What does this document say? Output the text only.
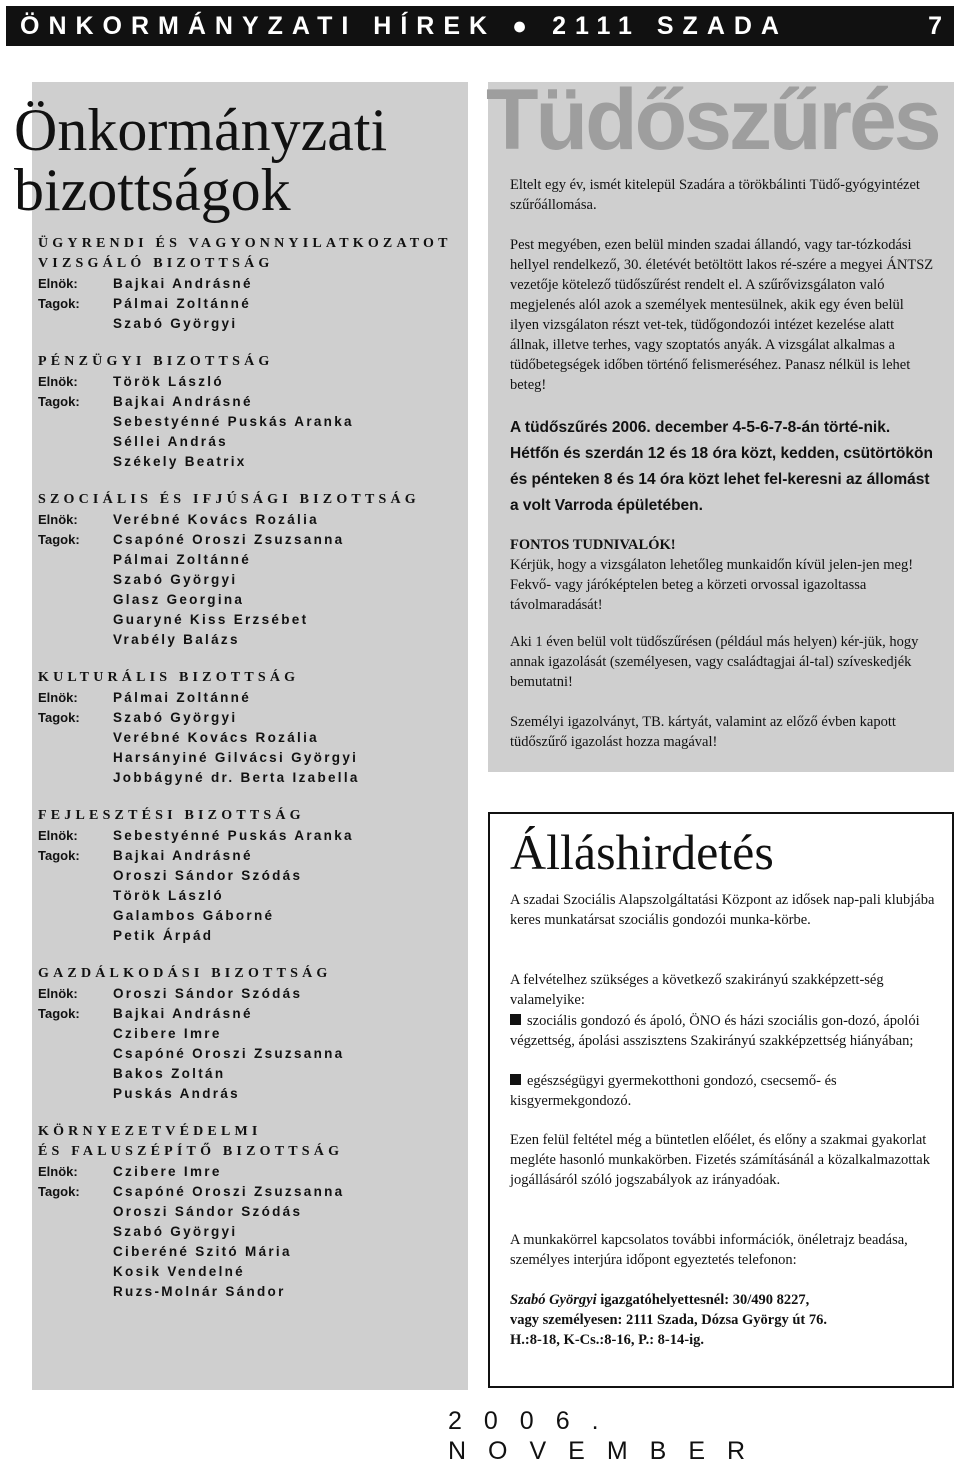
ÖNKORMÁNYZATI HÍREK ● 2111 SZADA	7
Önkormányzati
bizottságok
ÜGYRENDI ÉS VAGYONNYILATKOZATOT
VIZSGÁLÓ BIZOTTSÁG
Elnök:	Bajkai Andrásné
Tagok:	Pálmai Zoltánné
Szabó Györgyi
PÉNZÜGYI BIZOTTSÁG
Elnök:	Török László
Tagok:	Bajkai Andrásné
Sebestyénné Puskás Aranka
Séllei András
Székely Beatrix
SZOCIÁLIS ÉS IFJÚSÁGI BIZOTTSÁG
Elnök:	Verébné Kovács Rozália
Tagok:	Csapóné Oroszi Zsuzsanna
Pálmai Zoltánné
Szabó Györgyi
Glasz Georgina
Guaryné Kiss Erzsébet
Vrabély Balázs
KULTURÁLIS BIZOTTSÁG
Elnök:	Pálmai Zoltánné
Tagok:	Szabó Györgyi
Verébné Kovács Rozália
Harsányiné Gilvácsi Györgyi
Jobbágyné dr. Berta Izabella
FEJLESZTÉSI BIZOTTSÁG
Elnök:	Sebestyénné Puskás Aranka
Tagok:	Bajkai Andrásné
Oroszi Sándor Szódás
Török László
Galambos Gáborné
Petik Árpád
GAZDÁLKODÁSI BIZOTTSÁG
Elnök:	Oroszi Sándor Szódás
Tagok:	Bajkai Andrásné
Czibere Imre
Csapóné Oroszi Zsuzsanna
Bakos Zoltán
Puskás András
KÖRNYEZETVÉDELMI
ÉS FALUSZÉPÍTŐ BIZOTTSÁG
Elnök:	Czibere Imre
Tagok:	Csapóné Oroszi Zsuzsanna
Oroszi Sándor Szódás
Szabó Györgyi
Ciberéné Szitó Mária
Kosik Vendelné
Ruzs-Molnár Sándor
Tüdőszűrés

Eltelt egy év, ismét kitelepül Szadára a törökbálinti Tüdő-gyógyintézet szűrőállomása.

Pest megyében, ezen belül minden szadai állandó, vagy tar-tózkodási hellyel rendelkező, 30. életévét betöltött lakos ré-szére a megyei ÁNTSZ vezetője kötelező tüdőszűrést rendelt el. A szűrővizsgálaton való megjelenés alól azok a személyek mentesülnek, akik egy éven belül ilyen vizsgálaton részt vet-tek, tüdőgondozói intézet kezelése alatt állnak, illetve terhes, vagy szoptatós anyák. A vizsgálat alkalmas a tüdőbetegségek időben történő felismeréséhez. Panasz nélkül is lehet beteg!

A tüdőszűrés 2006. december 4-5-6-7-8-án törté-nik. Hétfőn és szerdán 12 és 18 óra közt, kedden, csütörtökön és pénteken 8 és 14 óra közt lehet fel-keresni az állomást a volt Varroda épületében.

FONTOS TUDNIVALÓK!
Kérjük, hogy a vizsgálaton lehetőleg munkaidőn kívül jelen-jen meg! Fekvő- vagy járóképtelen beteg a körzeti orvossal igazoltassa távolmaradását!

Aki 1 éven belül volt tüdőszűrésen (például más helyen) kér-jük, hogy annak igazolását (személyesen, vagy családtagjai ál-tal) szíveskedjék bemutatni!

Személyi igazolványt, TB. kártyát, valamint az előző évben kapott tüdőszűrő igazolást hozza magával!

Álláshirdetés

A szadai Szociális Alapszolgáltatási Központ az idősek nap-pali klubjába keres munkatársat szociális gondozói munka-körbe.

A felvételhez szükséges a következő szakirányú szakképzett-ség valamelyike:

szociális gondozó és ápoló, ÖNO és házi szociális gon-dozó, ápolói végzettség, ápolási asszisztens Szakirányú szakképzettség hiányában;
egészségügyi gyermekotthoni gondozó, csecsemő- és kisgyermekgondozó.

Ezen felül feltétel még a büntetlen előélet, és előny a szakmai gyakorlat megléte hasonló munkakörben. Fizetés számításánál a közalkalmazottak jogállásáról szóló jogszabályok az irányadóak.

A munkakörrel kapcsolatos további információk, önéletrajz beadása, személyes interjúra időpont egyeztetés telefonon:

Szabó Györgyi igazgatóhelyettesnél: 30/490 8227,
vagy személyesen: 2111 Szada, Dózsa György út 76.
H.:8-18, K-Cs.:8-16, P.: 8-14-ig.
2006. NOVEMBER
